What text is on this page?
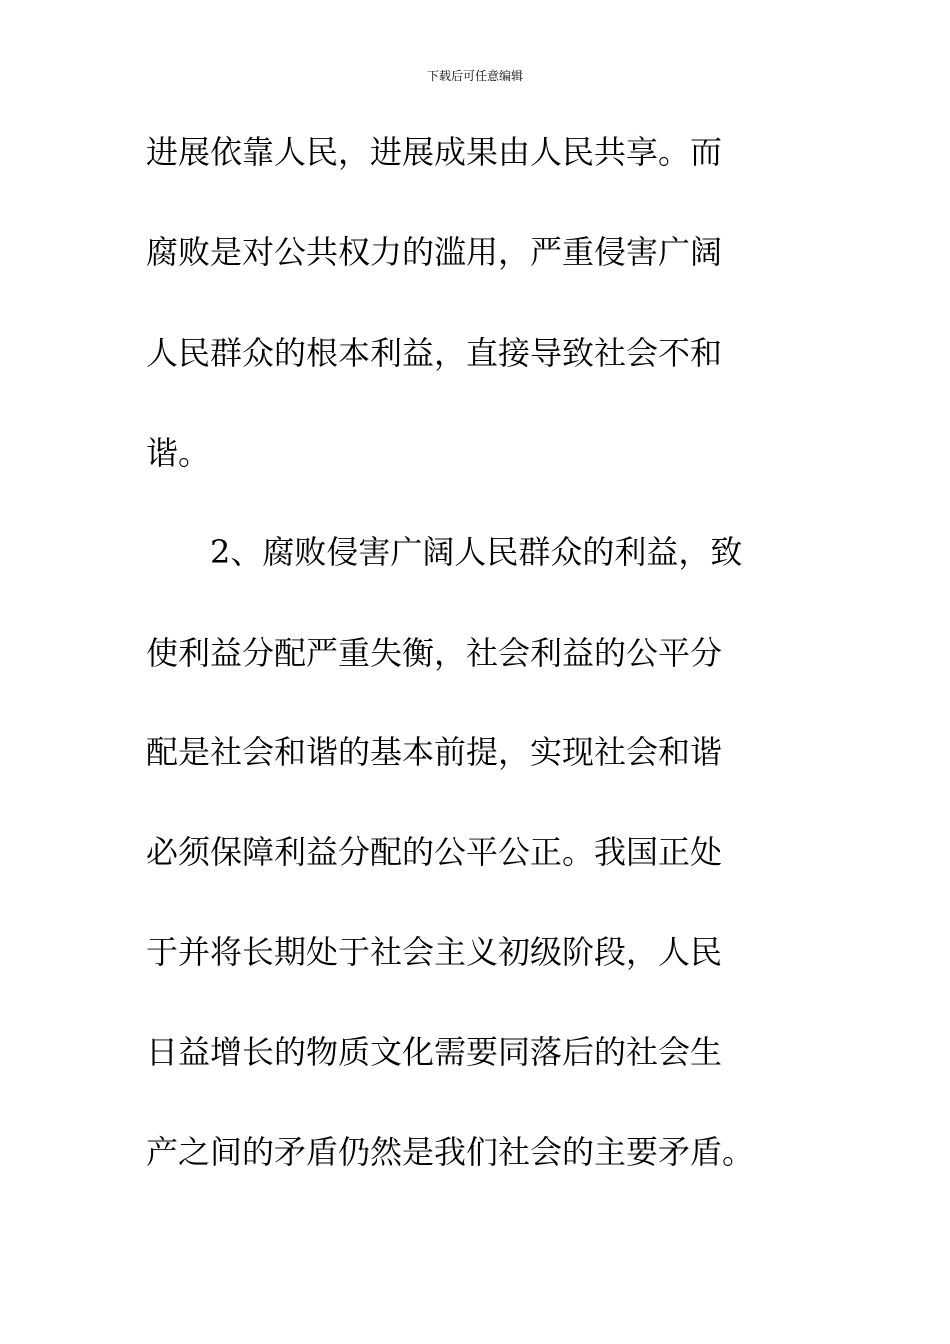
下载后可任意编辑
进展依靠人民，进展成果由人民共享。而
腐败是对公共权力的滥用，严重侵害广阔
人民群众的根本利益，直接导致社会不和
谐。
　　2、腐败侵害广阔人民群众的利益，致
使利益分配严重失衡，社会利益的公平分
配是社会和谐的基本前提，实现社会和谐
必须保障利益分配的公平公正。我国正处
于并将长期处于社会主义初级阶段，人民
日益增长的物质文化需要同落后的社会生
产之间的矛盾仍然是我们社会的主要矛盾。
